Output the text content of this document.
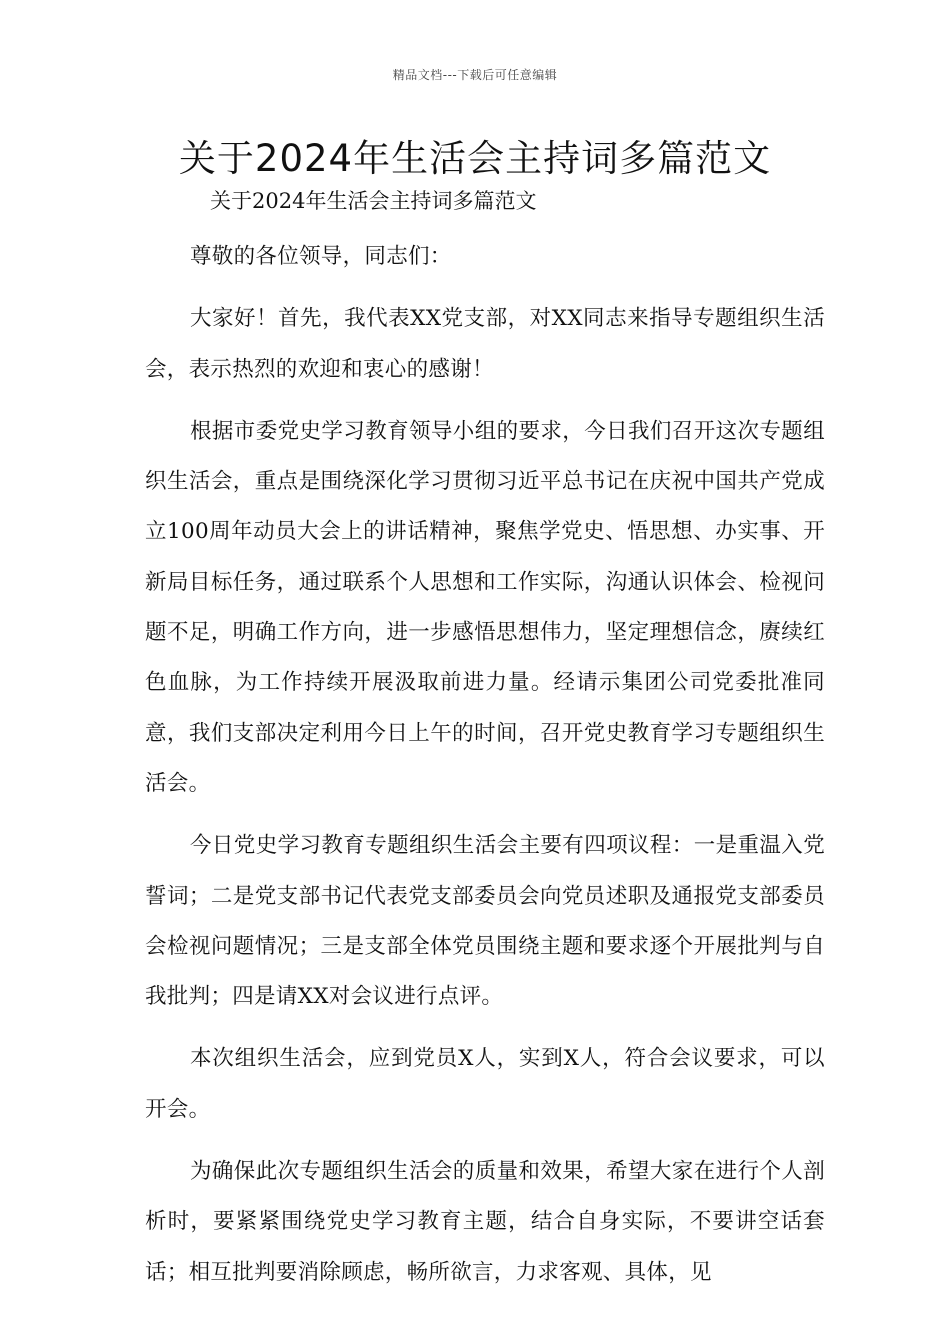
精品文档---下载后可任意编辑
关于2024年生活会主持词多篇范文
关于2024年生活会主持词多篇范文

尊敬的各位领导，同志们：

大家好！首先，我代表XX党支部，对XX同志来指导专题组织生活会，表示热烈的欢迎和衷心的感谢！

根据市委党史学习教育领导小组的要求，今日我们召开这次专题组织生活会，重点是围绕深化学习贯彻习近平总书记在庆祝中国共产党成立100周年动员大会上的讲话精神，聚焦学党史、悟思想、办实事、开新局目标任务，通过联系个人思想和工作实际，沟通认识体会、检视问题不足，明确工作方向，进一步感悟思想伟力，坚定理想信念，赓续红色血脉，为工作持续开展汲取前进力量。经请示集团公司党委批准同意，我们支部决定利用今日上午的时间，召开党史教育学习专题组织生活会。

今日党史学习教育专题组织生活会主要有四项议程：一是重温入党誓词；二是党支部书记代表党支部委员会向党员述职及通报党支部委员会检视问题情况；三是支部全体党员围绕主题和要求逐个开展批判与自我批判；四是请XX对会议进行点评。

本次组织生活会，应到党员X人，实到X人，符合会议要求，可以开会。

为确保此次专题组织生活会的质量和效果，希望大家在进行个人剖析时，要紧紧围绕党史学习教育主题，结合自身实际，不要讲空话套话；相互批判要消除顾虑，畅所欲言，力求客观、具体，见
